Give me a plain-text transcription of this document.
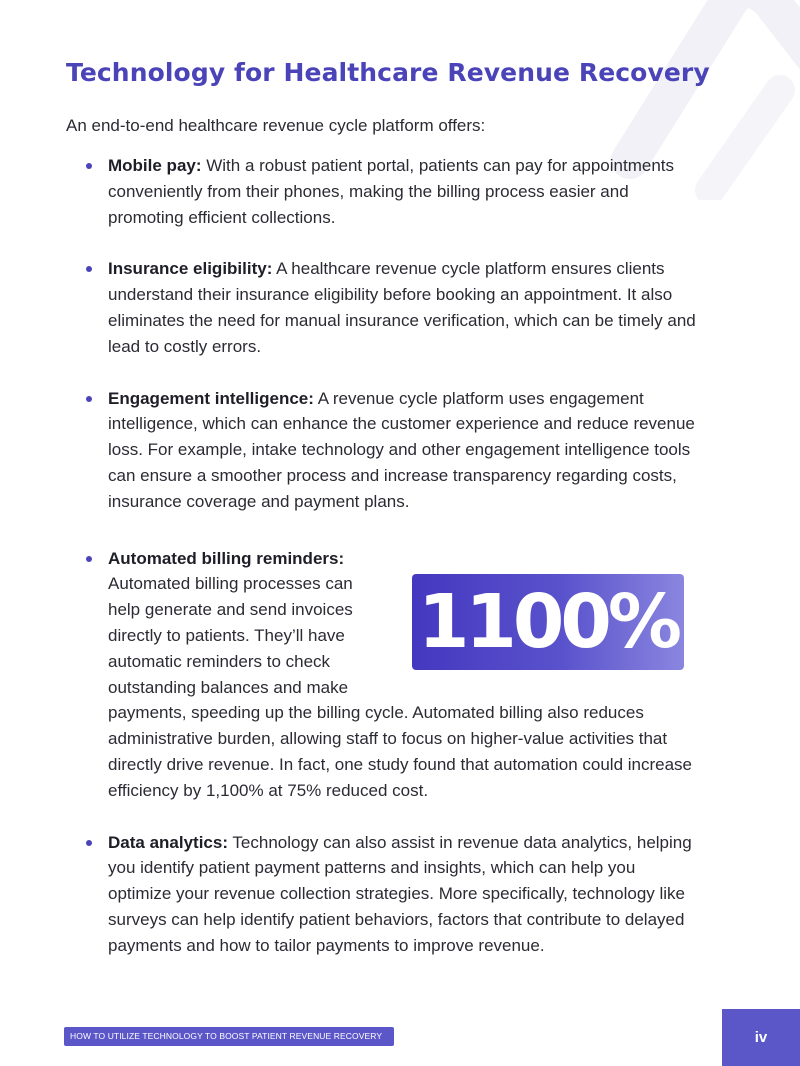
Technology for Healthcare Revenue Recovery

An end-to-end healthcare revenue cycle platform offers:

Mobile pay: With a robust patient portal, patients can pay for appointments conveniently from their phones, making the billing process easier and promoting efficient collections.
Insurance eligibility: A healthcare revenue cycle platform ensures clients understand their insurance eligibility before booking an appointment. It also eliminates the need for manual insurance verification, which can be timely and lead to costly errors.
Engagement intelligence: A revenue cycle platform uses engagement intelligence, which can enhance the customer experience and reduce revenue loss. For example, intake technology and other engagement intelligence tools can ensure a smoother process and increase transparency regarding costs, insurance coverage and payment plans.
Automated billing reminders:

1100%
Automated billing processes can help generate and send invoices directly to patients. They’ll have automatic reminders to check outstanding balances and make payments, speeding up the billing cycle. Automated billing also reduces administrative burden, allowing staff to focus on higher-value activities that directly drive revenue. In fact, one study found that automation could increase efficiency by 1,100% at 75% reduced cost.
Data analytics: Technology can also assist in revenue data analytics, helping you identify patient payment patterns and insights, which can help you optimize your revenue collection strategies. More specifically, technology like surveys can help identify patient behaviors, factors that contribute to delayed payments and how to tailor payments to improve revenue.
HOW TO UTILIZE TECHNOLOGY TO BOOST PATIENT REVENUE RECOVERY	iv
